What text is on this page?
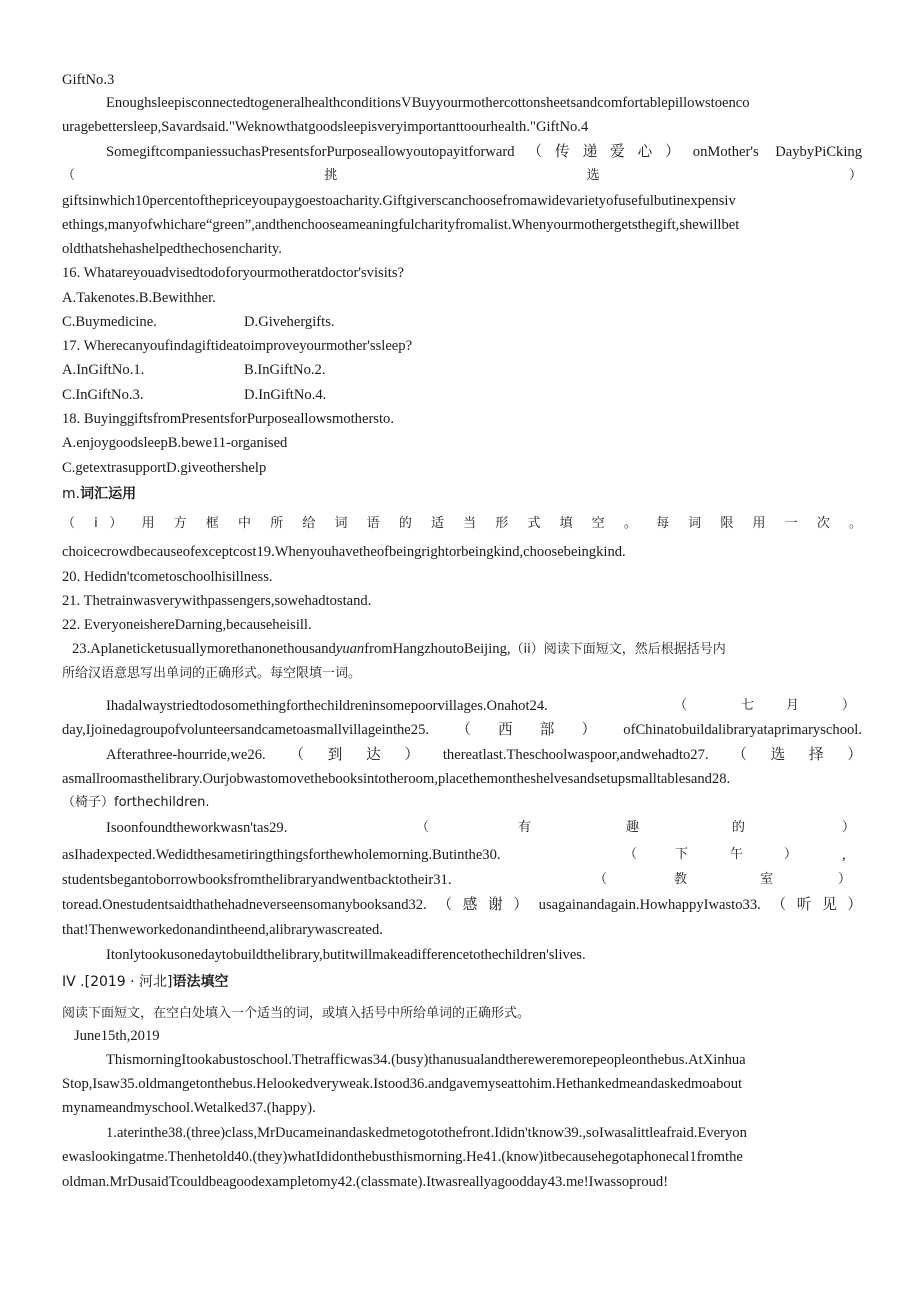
GiftNo.3
EnoughsleepisconnectedtogeneralhealthconditionsVBuyyourmothercottonsheetsandcomfortablepillowstoenco
uragebettersleep,Savardsaid."Weknowthatgoodsleepisveryimportanttoourhealth."GiftNo.4
SomegiftcompaniessuchasPresentsforPurposeallowyoutopayitforward（传递爱心）onMother's DaybyPiCking
（	挑	选	）
giftsinwhich10percentofthepriceyoupaygoestoacharity.Giftgiverscanchoosefromawidevarietyofusefulbutinexpensiv
ethings,manyofwhichare“green”,andthenchooseameaningfulcharityfromalist.Whenyourmothergetsthegift,shewillbet
oldthatshehashelpedthechosencharity.
16. Whatareyouadvisedtodoforyourmotheratdoctor'svisits?
A.Takenotes.B.Bewithher.
C.Buymedicine.	D.Givehergifts.
17. Wherecanyoufindagiftideatoimproveyourmother'ssleep?
A.InGiftNo.1.	B.InGiftNo.2.
C.InGiftNo.3.	D.InGiftNo.4.
18. BuyinggiftsfromPresentsforPurposeallowsmothersto.
A.enjoygoodsleepB.bewe11-organised
C.getextrasupportD.giveothershelp
m.词汇运用
（ i ） 用 方 框 中 所 给 词 语 的 适 当 形 式 填 空 。 每 词 限 用 一 次 。
choicecrowdbecauseofexceptcost19.Whenyouhavetheofbeingrightorbeingkind,choosebeingkind.
20. Hedidn'tcometoschoolhisillness.
21. Thetrainwasverywithpassengers,sowehadtostand.
22. EveryoneishereDarning,becauseheisill.
23.AplaneticketusuallymorethanonethousandyuanfromHangzhoutoBeijing,（ii）阅读下面短文，然后根据括号内
所给汉语意思写出单词的正确形式。每空限填一词。
Ihadalwaystriedtodosomethingforthechildreninsomepoorvillages.Onahot24.	（	七 月	）
day,Ijoinedagroupofvolunteersandcametoasmallvillageinthe25.（西部）ofChinatobuildalibraryataprimaryschool.
Afterathree-hourride,we26.（到达）thereatlast.Theschoolwaspoor,andwehadto27.（选择）
asmallroomasthelibrary.Ourjobwastomovethebooksintotheroom,placethemontheshelvesandsetupsmalltablesand28.
（椅子）forthechildren.
Isoonfoundtheworkwasn'tas29.	（	有	趣	的	）
asIhadexpected.Wedidthesametiringthingsforthewholemorning.Butinthe30.	（	下	午	）	,
studentsbegantoborrowbooksfromthelibraryandwentbacktotheir31.	（	教	室	）
toread.Onestudentsaidthathehadneverseensomanybooksand32.（感谢）usagainandagain.HowhappyIwasto33.（听见）
that!Thenweworkedonandintheend,alibrarywascreated.
Itonlytookusonedaytobuildthelibrary,butitwillmakeadifferencetothechildren'slives.
IV .[2019 · 河北]语法填空
阅读下面短文，在空白处填入一个适当的词，或填入括号中所给单词的正确形式。
June15th,2019
ThismorningItookabustoschool.Thetrafficwas34.(busy)thanusualandthereweremorepeopleonthebus.AtXinhua
Stop,Isaw35.oldmangetonthebus.Helookedveryweak.Istood36.andgavemyseattohim.Hethankedmeandaskedmoabout
mynameandmyschool.Wetalked37.(happy).
1.aterinthe38.(three)class,MrDucameinandaskedmetogotothefront.Ididn'tknow39.,soIwasalittleafraid.Everyon
ewaslookingatme.Thenhetold40.(they)whatIdidonthebusthismorning.He41.(know)itbecausehegotaphonecal1fromthe
oldman.MrDusaidTcouldbeagoodexampletomy42.(classmate).Itwasreallyagoodday43.me!Iwassoproud!
